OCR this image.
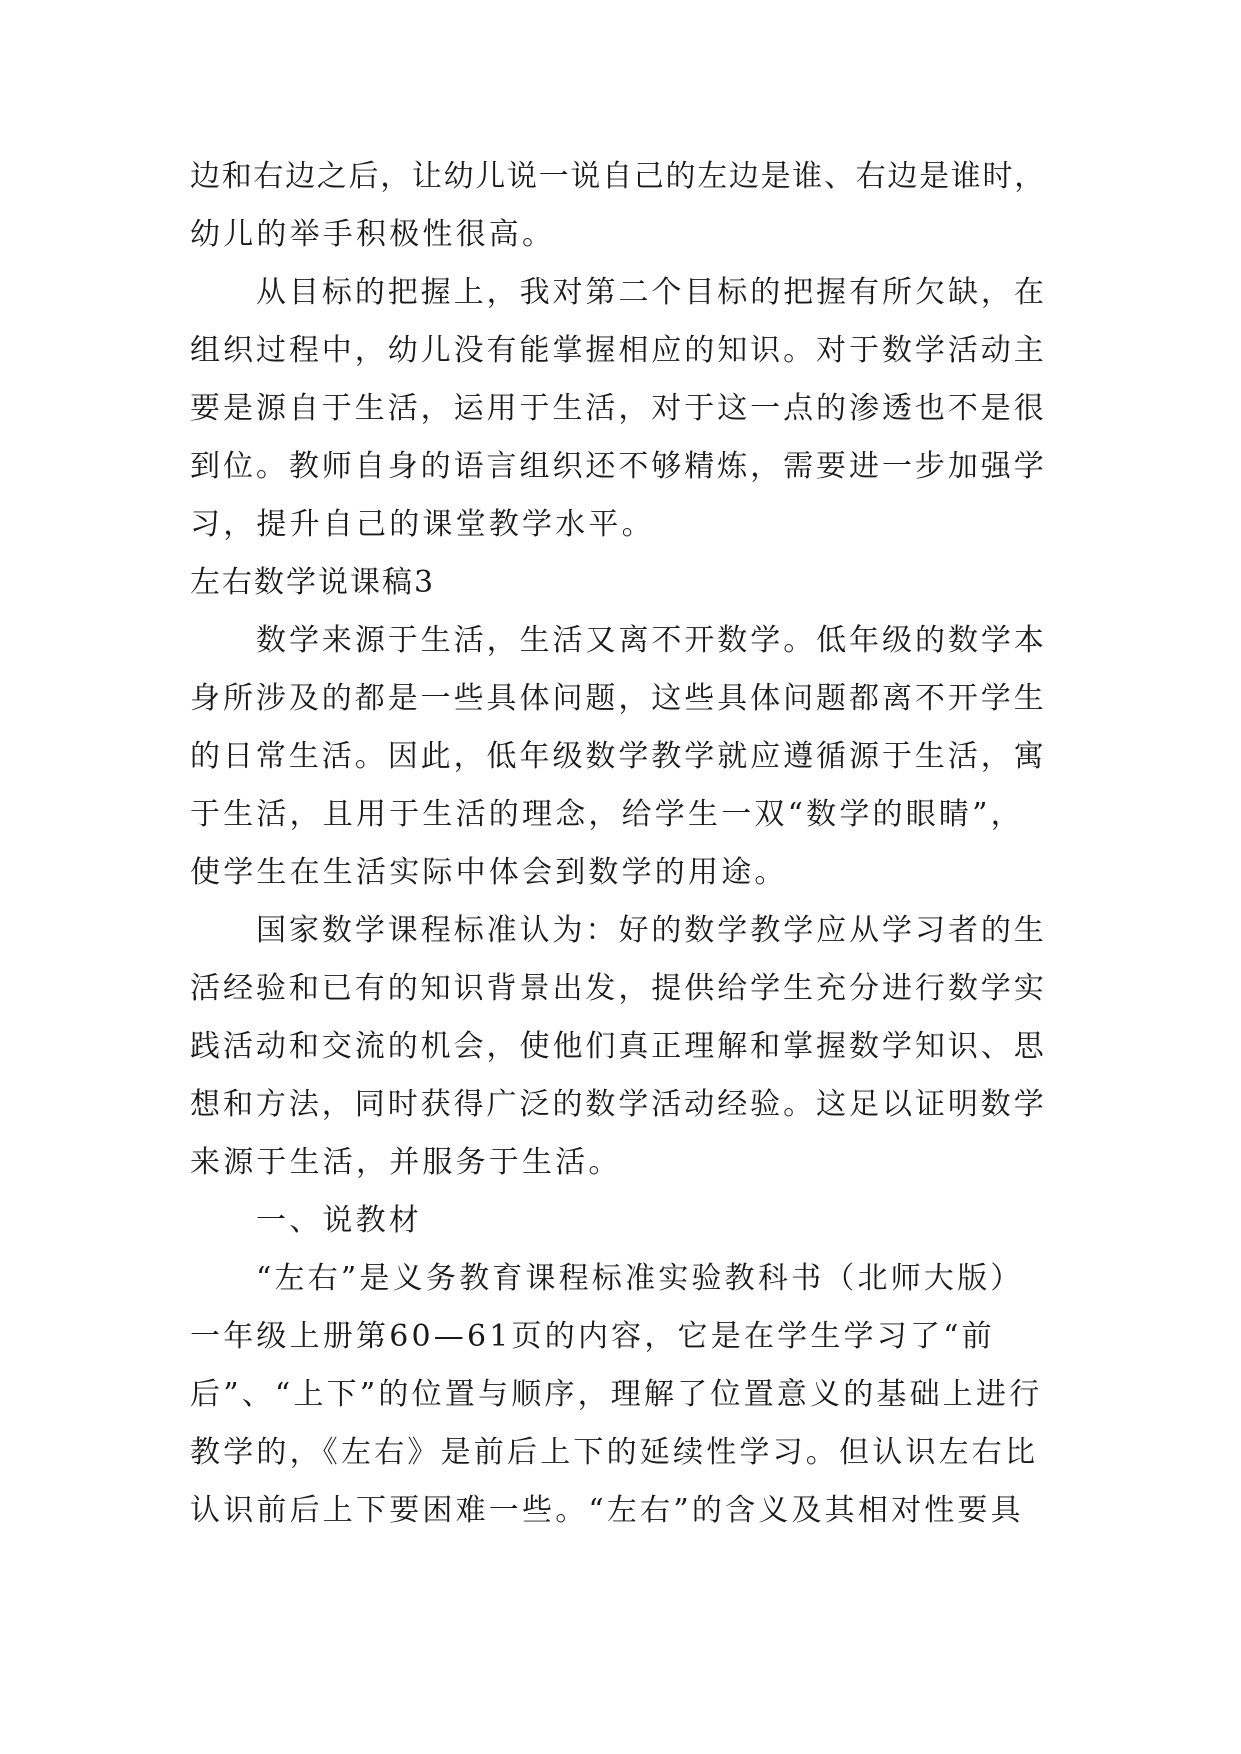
边和右边之后，让幼儿说一说自己的左边是谁、右边是谁时，
幼儿的举手积极性很高。
从目标的把握上，我对第二个目标的把握有所欠缺，在
组织过程中，幼儿没有能掌握相应的知识。对于数学活动主
要是源自于生活，运用于生活，对于这一点的渗透也不是很
到位。教师自身的语言组织还不够精炼，需要进一步加强学
习，提升自己的课堂教学水平。
左右数学说课稿3
数学来源于生活，生活又离不开数学。低年级的数学本
身所涉及的都是一些具体问题，这些具体问题都离不开学生
的日常生活。因此，低年级数学教学就应遵循源于生活，寓
于生活，且用于生活的理念，给学生一双“数学的眼睛”，
使学生在生活实际中体会到数学的用途。
国家数学课程标准认为：好的数学教学应从学习者的生
活经验和已有的知识背景出发，提供给学生充分进行数学实
践活动和交流的机会，使他们真正理解和掌握数学知识、思
想和方法，同时获得广泛的数学活动经验。这足以证明数学
来源于生活，并服务于生活。
一、说教材
“左右”是义务教育课程标准实验教科书（北师大版）
一年级上册第60—61页的内容，它是在学生学习了“前
后”、“上下”的位置与顺序，理解了位置意义的基础上进行
教学的，《左右》是前后上下的延续性学习。但认识左右比
认识前后上下要困难一些。“左右”的含义及其相对性要具
